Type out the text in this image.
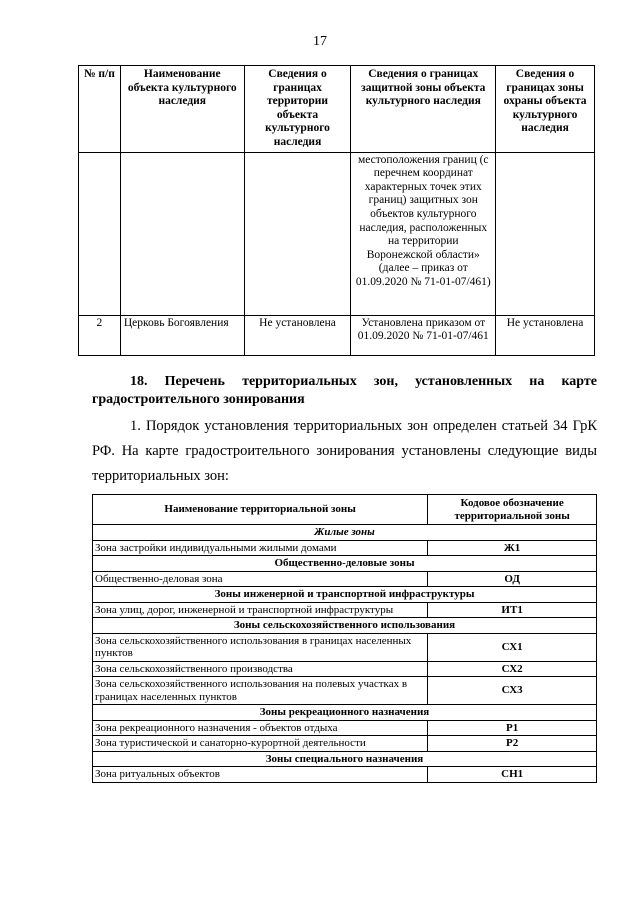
17
№ п/п	Наименование объекта культурного наследия	Сведения о границах территории объекта культурного наследия	Сведения о границах защитной зоны объекта культурного наследия	Сведения о границах зоны охраны объекта культурного наследия
			местоположения границ (с перечнем координат характерных точек этих границ) защитных зон объектов культурного наследия, расположенных на территории Воронежской области» (далее – приказ от 01.09.2020 № 71-01-07/461)	
2	Церковь Богоявления	Не установлена	Установлена приказом от 01.09.2020 № 71-01-07/461	Не установлена
18. Перечень территориальных зон, установленных на карте градостроительного зонирования
1. Порядок установления территориальных зон определен статьей 34 ГрК РФ. На карте градостроительного зонирования установлены следующие виды территориальных зон:
Наименование территориальной зоны	Кодовое обозначение территориальной зоны
Жилые зоны	
Зона застройки индивидуальными жилыми домами	Ж1
Общественно-деловые зоны	
Общественно-деловая зона	ОД
Зоны инженерной и транспортной инфраструктуры	
Зона улиц, дорог, инженерной и транспортной инфраструктуры	ИТ1
Зоны сельскохозяйственного использования	
Зона сельскохозяйственного использования в границах населенных пунктов	СХ1
Зона сельскохозяйственного производства	СХ2
Зона сельскохозяйственного использования на полевых участках в границах населенных пунктов	СХ3
Зоны рекреационного назначения	
Зона рекреационного назначения - объектов отдыха	Р1
Зона туристической и санаторно-курортной деятельности	Р2
Зоны специального назначения	
Зона ритуальных объектов	СН1
